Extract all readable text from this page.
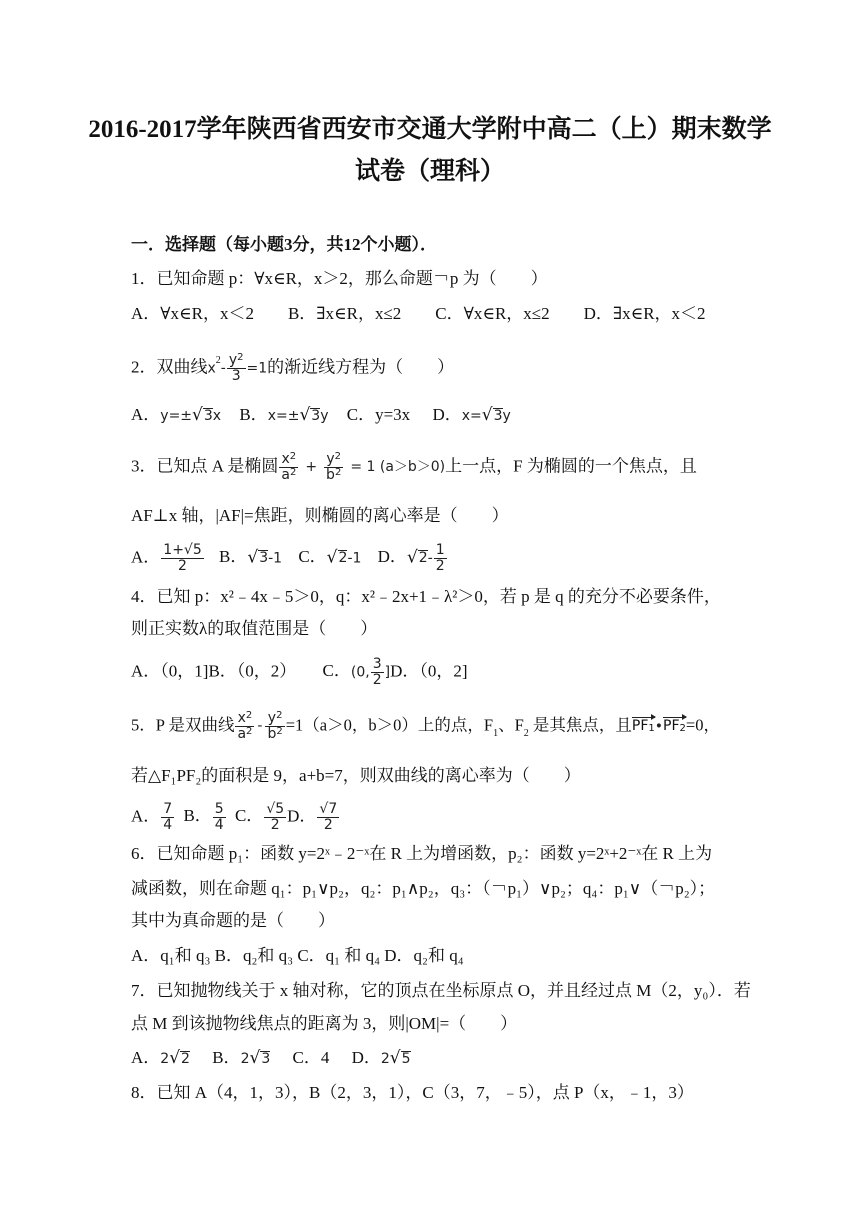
2016-2017学年陕西省西安市交通大学附中高二（上）期末数学
试卷（理科）
一．选择题（每小题3分，共12个小题）．
1．已知命题 p：∀x∈R，x＞2，那么命题￢p 为（　　）
A．∀x∈R，x＜2　　B．∃x∈R，x≤2　　C．∀x∈R，x≤2　　D．∃x∈R，x＜2
2．双曲线$x^2- \frac{y^2}{3} =1$的渐近线方程为（　　）
A．y=±√3x B．x=±√3y C．y=3x D．x=√3y
3．已知点 A 是椭圆 $\frac{x^2}{a^2} + \frac{y^2}{b^2} = 1$ (a＞b＞0)上一点，F 为椭圆的一个焦点，且
AF⊥x 轴，|AF|=焦距，则椭圆的离心率是（　　）
A． $\frac{1+√5}{2}$ B．√3-1 C．√2-1 D．$√2- \frac{1}{2}$
4．已知 p：x²﹣4x﹣5＞0，q：x²﹣2x+1﹣λ²＞0，若 p 是 q 的充分不必要条件，
则正实数λ的取值范围是（　　）
A．（0，1]B．（0，2） C．(0, $\frac{3}{2} ]D$．（0，2]
5．P 是双曲线 $\frac{x^2}{a^2} - \frac{y^2}{b^2} =1(a>0$，b＞0）上的点，F1、F2 是其焦点，且$PF_1•PF_2=0$，
若△F₁PF₂的面积是 9，a+b=7，则双曲线的离心率为（　　）
A． $\frac{7}{4}$ B． $\frac{5}{4}$ C． $\frac{√5}{2}$ D． $\frac{√7}{2}$
6．已知命题 p₁：函数 y=2ˣ﹣2⁻ˣ在 R 上为增函数，p₂：函数 y=2ˣ+2⁻ˣ在 R 上为
减函数，则在命题 q₁：p₁∨p₂，q₂：p₁∧p₂，q₃：（￢p₁）∨p₂；q₄：p₁∨（￢p₂）；
其中为真命题的是（　　）
A．q₁和 q₃ B．q₂和 q₃ C．q₁ 和 q₄ D．q₂和 q₄
7．已知抛物线关于 x 轴对称，它的顶点在坐标原点 O，并且经过点 M（2，y₀）．若
点 M 到该抛物线焦点的距离为 3，则|OM|=（　　）
A．2√2 B．2√3 C．4 D．2√5
8．已知 A（4，1，3），B（2，3，1），C（3，7，﹣5），点 P（x，﹣1，3）
